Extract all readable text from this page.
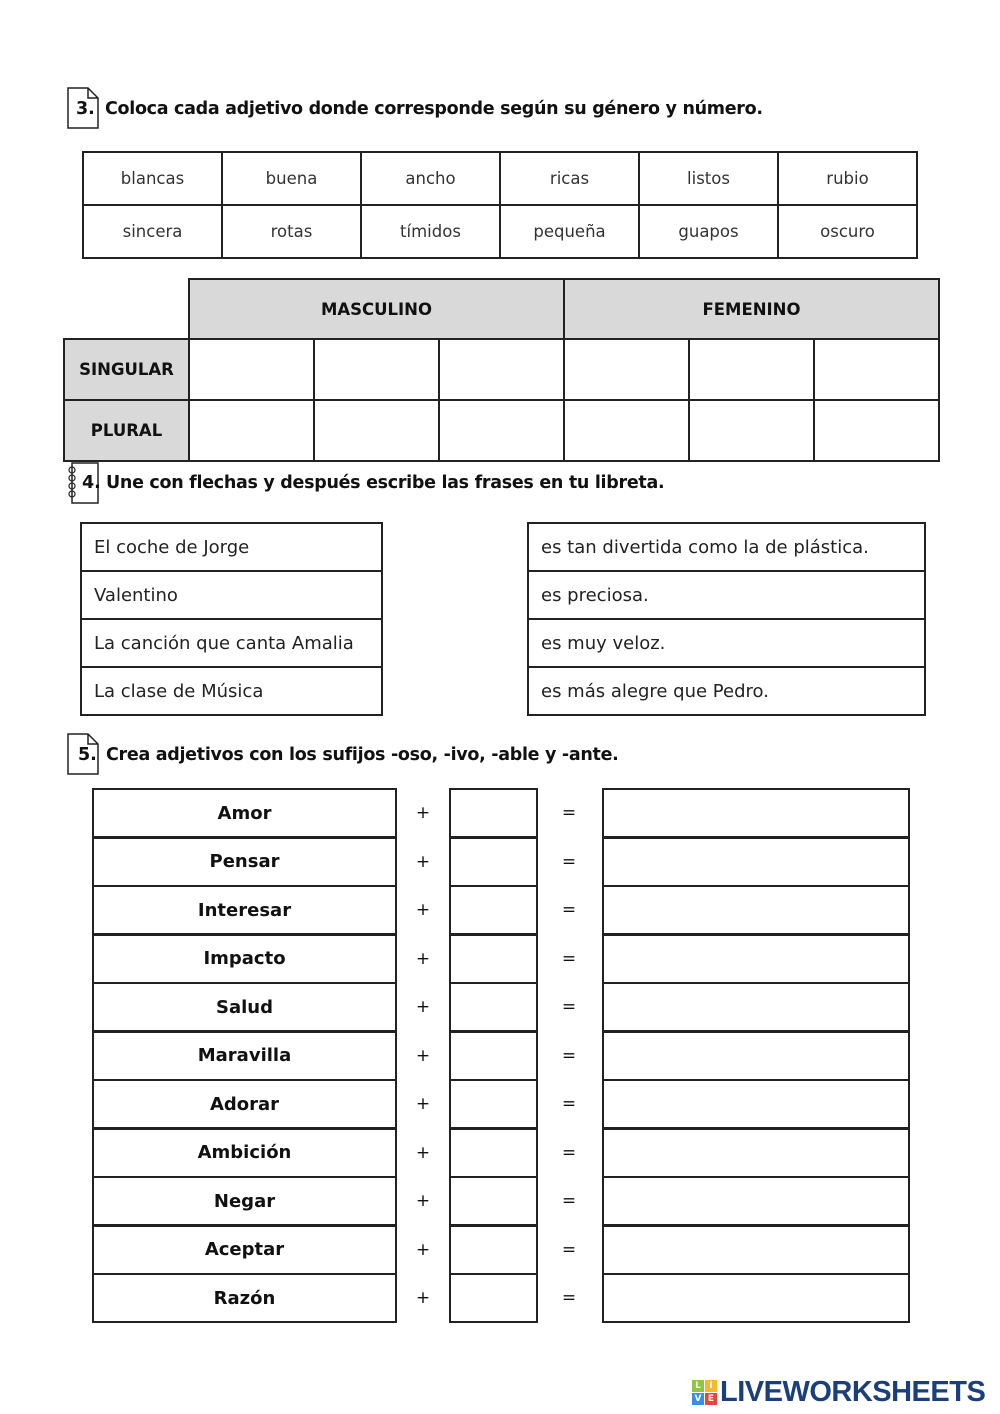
3. Coloca cada adjetivo donde corresponde según su género y número.
blancas	buena	ancho	ricas	listos	rubio
sincera	rotas	tímidos	pequeña	guapos	oscuro
	MASCULINO			FEMENINO		
SINGULAR						
PLURAL						
4. Une con flechas y después escribe las frases en tu libreta.
El coche de Jorge
Valentino
La canción que canta Amalia
La clase de Música
es tan divertida como la de plástica.
es preciosa.
es muy veloz.
es más alegre que Pedro.
5. Crea adjetivos con los sufijos -oso, -ivo, -able y -ante.
Amor	+	=
Pensar	+	=
Interesar	+	=
Impacto	+	=
Salud	+	=
Maravilla	+	=
Adorar	+	=
Ambición	+	=
Negar	+	=
Aceptar	+	=
Razón	+	=
L I
V E LIVEWORKSHEETS
